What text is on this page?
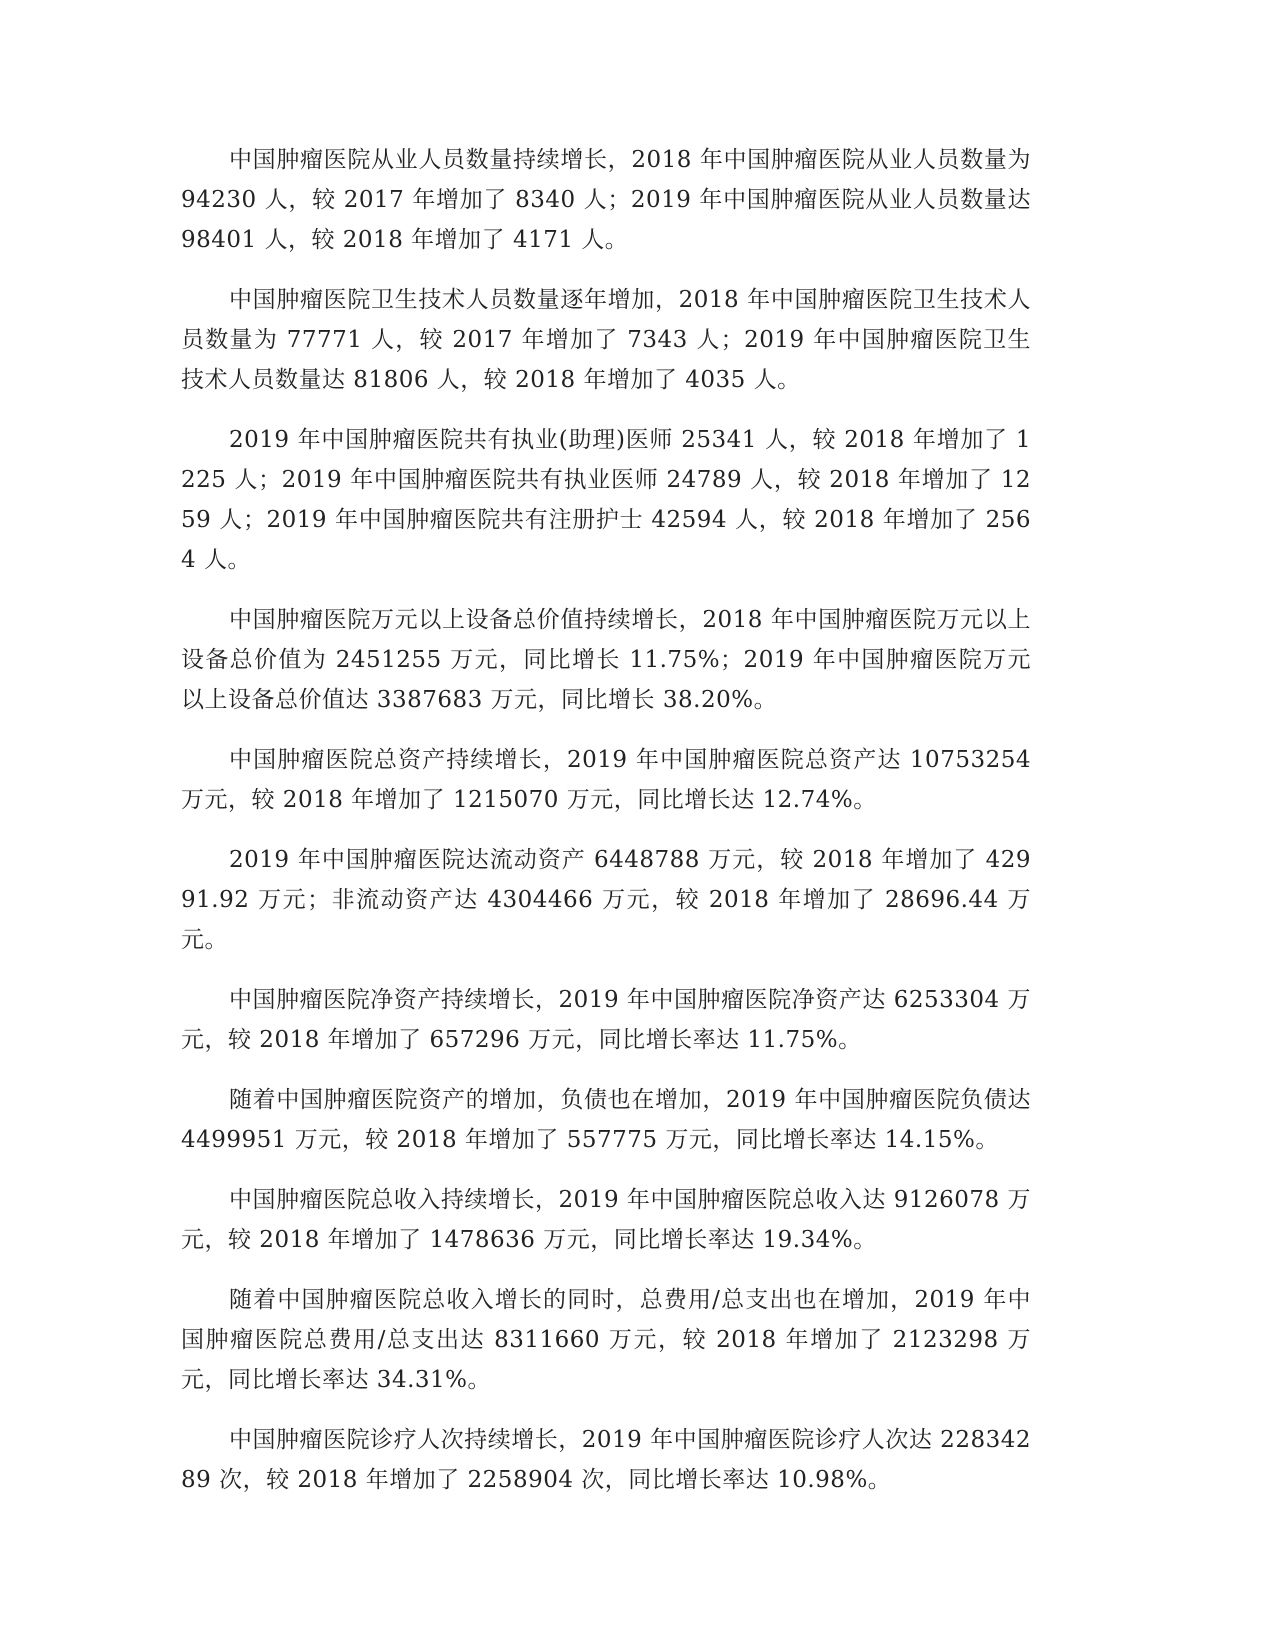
中国肿瘤医院从业人员数量持续增长，2018 年中国肿瘤医院从业人员数量为 94230 人，较 2017 年增加了 8340 人；2019 年中国肿瘤医院从业人员数量达 98401 人，较 2018 年增加了 4171 人。

中国肿瘤医院卫生技术人员数量逐年增加，2018 年中国肿瘤医院卫生技术人员数量为 77771 人，较 2017 年增加了 7343 人；2019 年中国肿瘤医院卫生技术人员数量达 81806 人，较 2018 年增加了 4035 人。

2019 年中国肿瘤医院共有执业(助理)医师 25341 人，较 2018 年增加了 1225 人；2019 年中国肿瘤医院共有执业医师 24789 人，较 2018 年增加了 1259 人；2019 年中国肿瘤医院共有注册护士 42594 人，较 2018 年增加了 2564 人。

中国肿瘤医院万元以上设备总价值持续增长，2018 年中国肿瘤医院万元以上设备总价值为 2451255 万元，同比增长 11.75%；2019 年中国肿瘤医院万元以上设备总价值达 3387683 万元，同比增长 38.20%。

中国肿瘤医院总资产持续增长，2019 年中国肿瘤医院总资产达 10753254 万元，较 2018 年增加了 1215070 万元，同比增长达 12.74%。

2019 年中国肿瘤医院达流动资产 6448788 万元，较 2018 年增加了 42991.92 万元；非流动资产达 4304466 万元，较 2018 年增加了 28696.44 万元。

中国肿瘤医院净资产持续增长，2019 年中国肿瘤医院净资产达 6253304 万元，较 2018 年增加了 657296 万元，同比增长率达 11.75%。

随着中国肿瘤医院资产的增加，负债也在增加，2019 年中国肿瘤医院负债达 4499951 万元，较 2018 年增加了 557775 万元，同比增长率达 14.15%。

中国肿瘤医院总收入持续增长，2019 年中国肿瘤医院总收入达 9126078 万元，较 2018 年增加了 1478636 万元，同比增长率达 19.34%。

随着中国肿瘤医院总收入增长的同时，总费用/总支出也在增加，2019 年中国肿瘤医院总费用/总支出达 8311660 万元，较 2018 年增加了 2123298 万元，同比增长率达 34.31%。

中国肿瘤医院诊疗人次持续增长，2019 年中国肿瘤医院诊疗人次达 22834289 次，较 2018 年增加了 2258904 次，同比增长率达 10.98%。
